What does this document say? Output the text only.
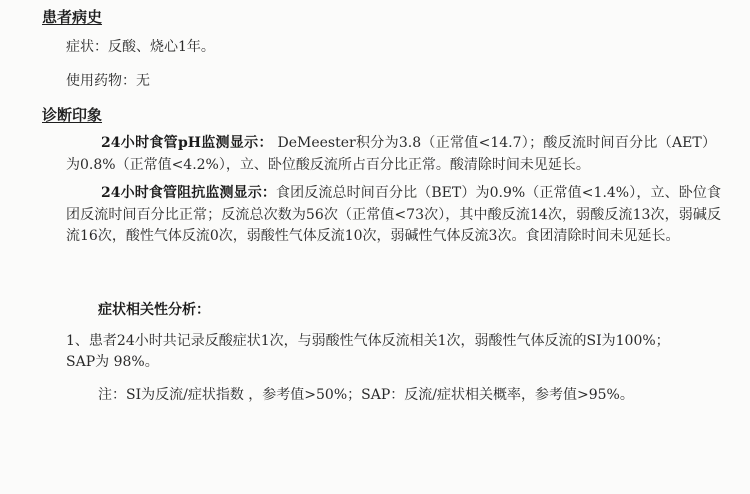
患者病史
症状：反酸、烧心1年。
使用药物：无
诊断印象
24小时食管pH监测显示： DeMeester积分为3.8（正常值<14.7）；酸反流时间百分比（AET）为0.8%（正常值<4.2%），立、卧位酸反流所占百分比正常。酸清除时间未见延长。
24小时食管阻抗监测显示：食团反流总时间百分比（BET）为0.9%（正常值<1.4%），立、卧位食团反流时间百分比正常；反流总次数为56次（正常值<73次），其中酸反流14次，弱酸反流13次，弱碱反流16次，酸性气体反流0次，弱酸性气体反流10次，弱碱性气体反流3次。食团清除时间未见延长。
症状相关性分析：
1、患者24小时共记录反酸症状1次，与弱酸性气体反流相关1次，弱酸性气体反流的SI为100%；
SAP为 98%。
注：SI为反流/症状指数 ，参考值>50%；SAP：反流/症状相关概率，参考值>95%。
